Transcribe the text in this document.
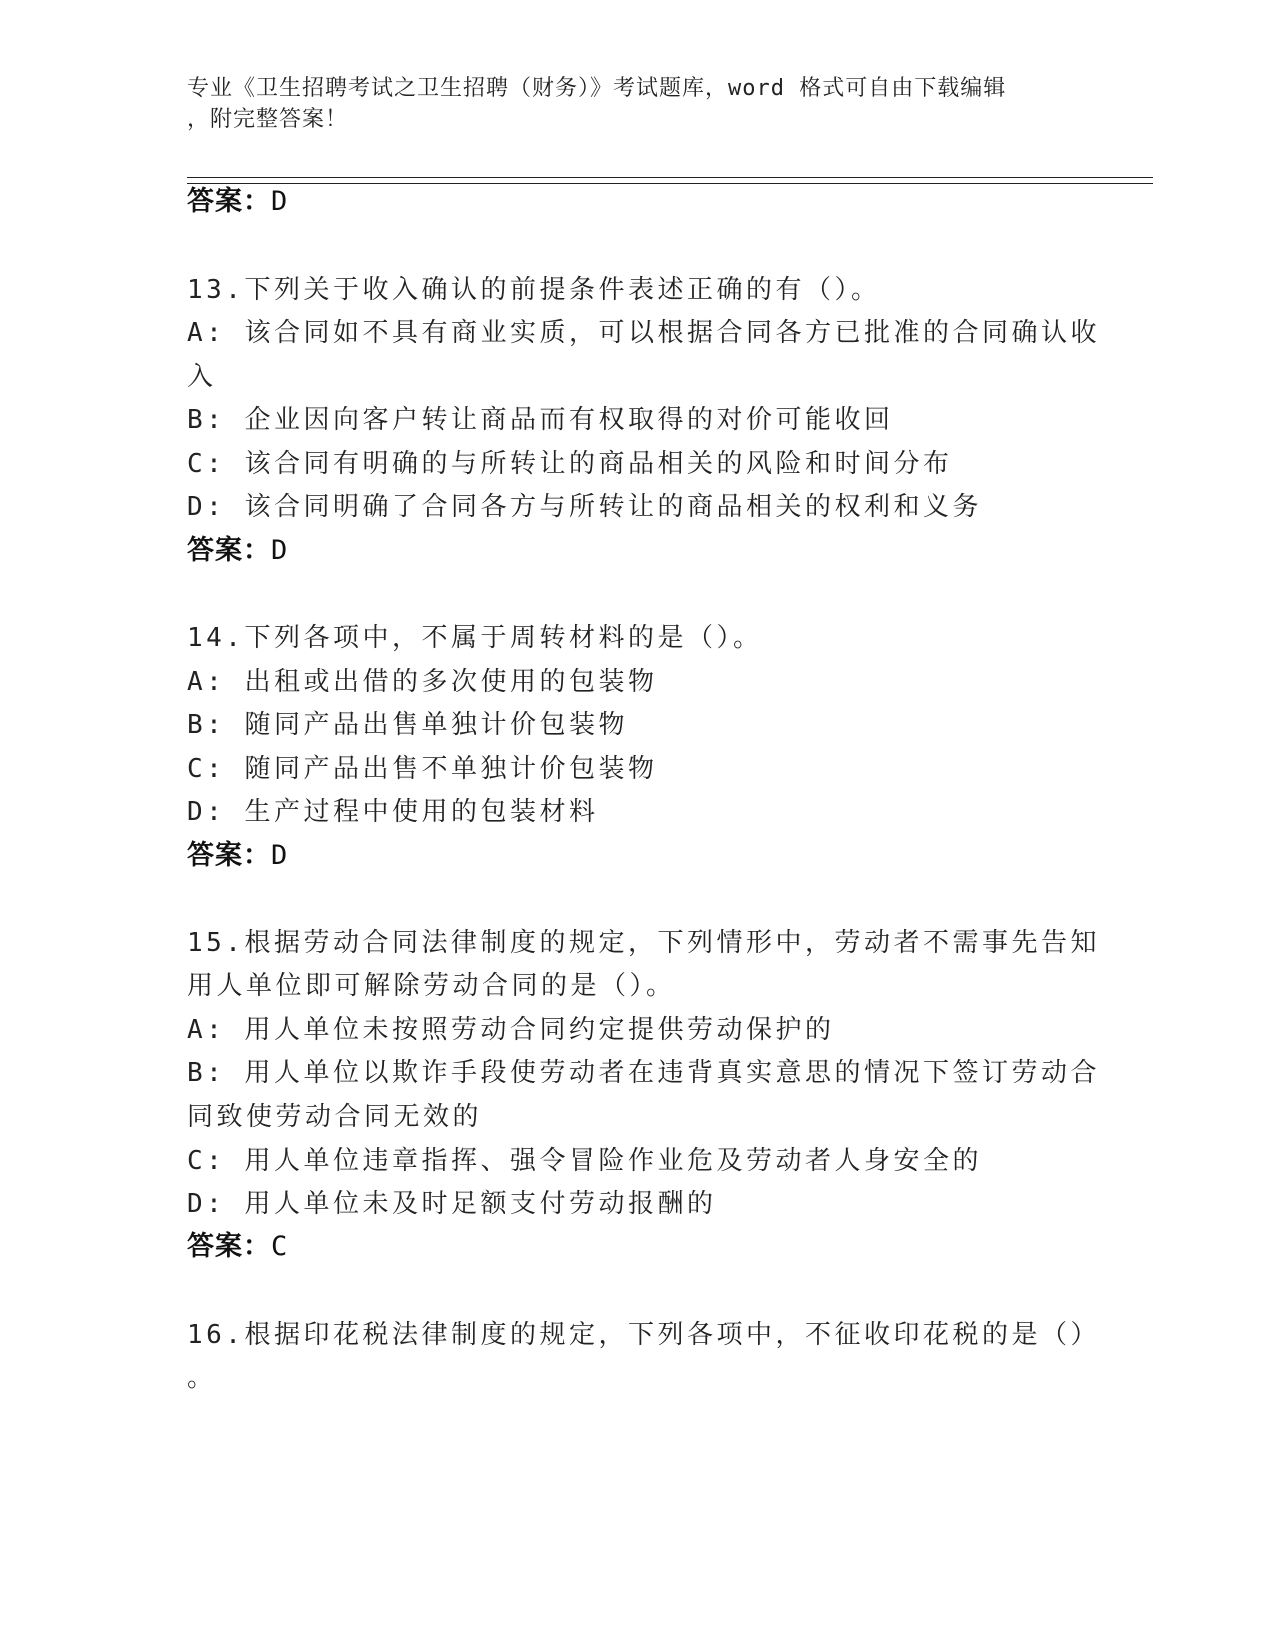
专业《卫生招聘考试之卫生招聘（财务）》考试题库，word 格式可自由下载编辑
，附完整答案！
答案：D
13.下列关于收入确认的前提条件表述正确的有（）。
A: 该合同如不具有商业实质，可以根据合同各方已批准的合同确认收
入
B: 企业因向客户转让商品而有权取得的对价可能收回
C: 该合同有明确的与所转让的商品相关的风险和时间分布
D: 该合同明确了合同各方与所转让的商品相关的权利和义务
答案：D
14.下列各项中，不属于周转材料的是（）。
A: 出租或出借的多次使用的包装物
B: 随同产品出售单独计价包装物
C: 随同产品出售不单独计价包装物
D: 生产过程中使用的包装材料
答案：D
15.根据劳动合同法律制度的规定，下列情形中，劳动者不需事先告知
用人单位即可解除劳动合同的是（）。
A: 用人单位未按照劳动合同约定提供劳动保护的
B: 用人单位以欺诈手段使劳动者在违背真实意思的情况下签订劳动合
同致使劳动合同无效的
C: 用人单位违章指挥、强令冒险作业危及劳动者人身安全的
D: 用人单位未及时足额支付劳动报酬的
答案：C
16.根据印花税法律制度的规定，下列各项中，不征收印花税的是（）
。
